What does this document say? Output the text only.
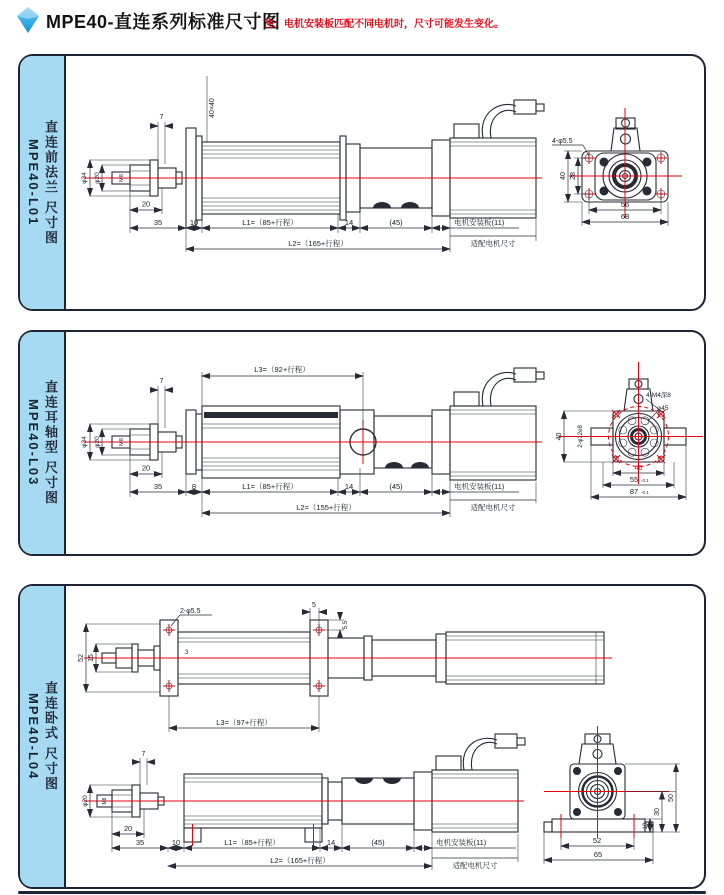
MPE40-直连系列标准尺寸图
注：电机安装板匹配不同电机时，尺寸可能发生变化。
直连前法兰 尺寸图
MPE40-L01	φ34 φ20	M8
7
20
40×40
35	10	L1=（85+行程）	14	(45)	电机安装板(11)
L2=（165+行程）	适配电机尺寸
4-φ5.5
40 28
56
68
直连耳轴型 尺寸图
MPE40-L03	φ34 φ20	M8
7
20
L3=（92+行程）
35	8	L1=（85+行程）	14	(45)	电机安装板(11)
L2=（155+行程）	适配电机尺寸
4-M4深8
φ45
40	2-φ12e8
40
55 -0.1
87 -0.1
直连卧式 尺寸图
MPE40-L04
52 15
2-φ5.5
5
5.5
3
L3=（97+行程）
φ20	M8
7
20
35	10	L1=（85+行程）	14	(45)	电机安装板(11)
L2=（165+行程）
适配电机尺寸
50
30
10
52
65
